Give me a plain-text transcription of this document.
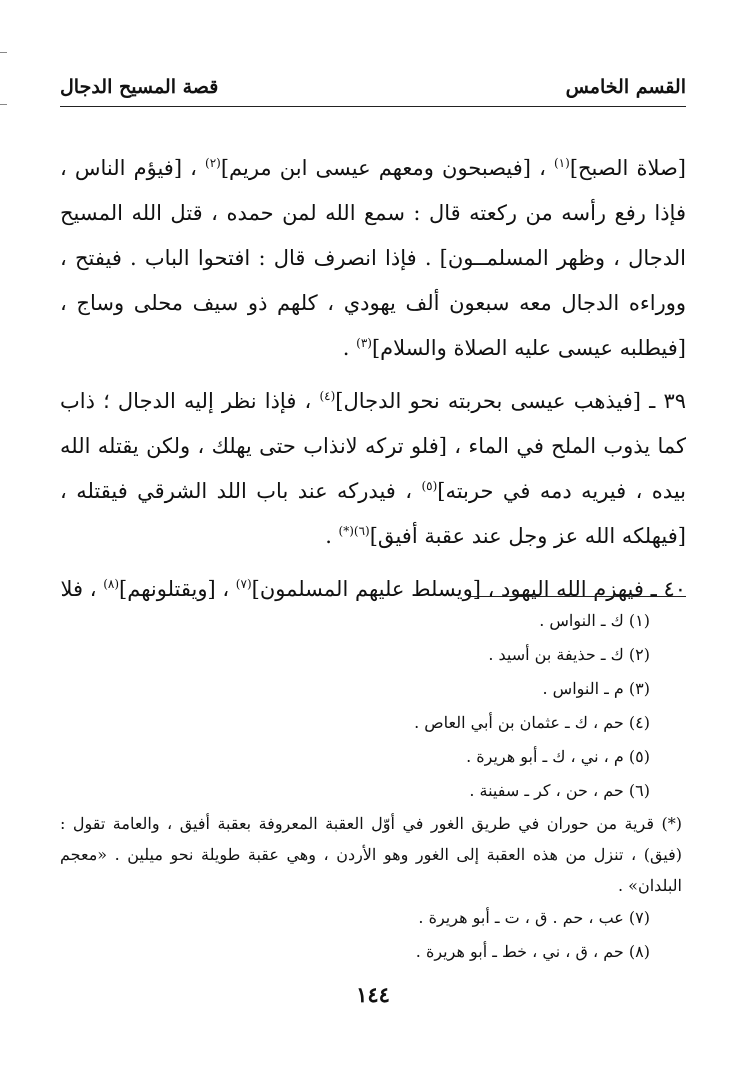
القسم الخامس
قصة المسيح الدجال

[صلاة الصبح]$^{(١)}$ ، [فيصبحون ومعهم عيسى ابن مريم]$^{(٢)}$ ، [فيؤم الناس ، فإذا رفع رأسه من ركعته قال : سمع الله لمن حمده ، قتل الله المسيح الدجال ، وظهر المسلمــون] . فإذا انصرف قال : افتحوا الباب . فيفتح ، ووراءه الدجال معه سبعون ألف يهودي ، كلهم ذو سيف محلى وساج ، [فيطلبه عيسى عليه الصلاة والسلام]$^{(٣)}$ .

٣٩ ـ [فيذهب عيسى بحربته نحو الدجال]$^{(٤)}$ ، فإذا نظر إليه الدجال ؛ ذاب كما يذوب الملح في الماء ، [فلو تركه لانذاب حتى يهلك ، ولكن يقتله الله بيده ، فيريه دمه في حربته]$^{(٥)}$ ، فيدركه عند باب اللد الشرقي فيقتله ، [فيهلكه الله عز وجل عند عقبة أفيق]$^{(٦)(*)}$ .

٤٠ ـ فيهزم الله اليهود ، [ويسلط عليهم المسلمون]$^{(٧)}$ ، [ويقتلونهم]$^{(٨)}$ ، فلا

(١) ك ـ النواس .
(٢) ك ـ حذيفة بن أسيد .
(٣) م ـ النواس .
(٤) حم ، ك ـ عثمان بن أبي العاص .
(٥) م ، ني ، ك ـ أبو هريرة .
(٦) حم ، حن ، كر ـ سفينة .
(*) قرية من حوران في طريق الغور في أوّل العقبة المعروفة بعقبة أفيق ، والعامة تقول : (فيق) ، تنزل من هذه العقبة إلى الغور وهو الأردن ، وهي عقبة طويلة نحو ميلين . «معجم البلدان» .
(٧) عب ، حم . ق ، ت ـ أبو هريرة .
(٨) حم ، ق ، ني ، خط ـ أبو هريرة .
١٤٤
